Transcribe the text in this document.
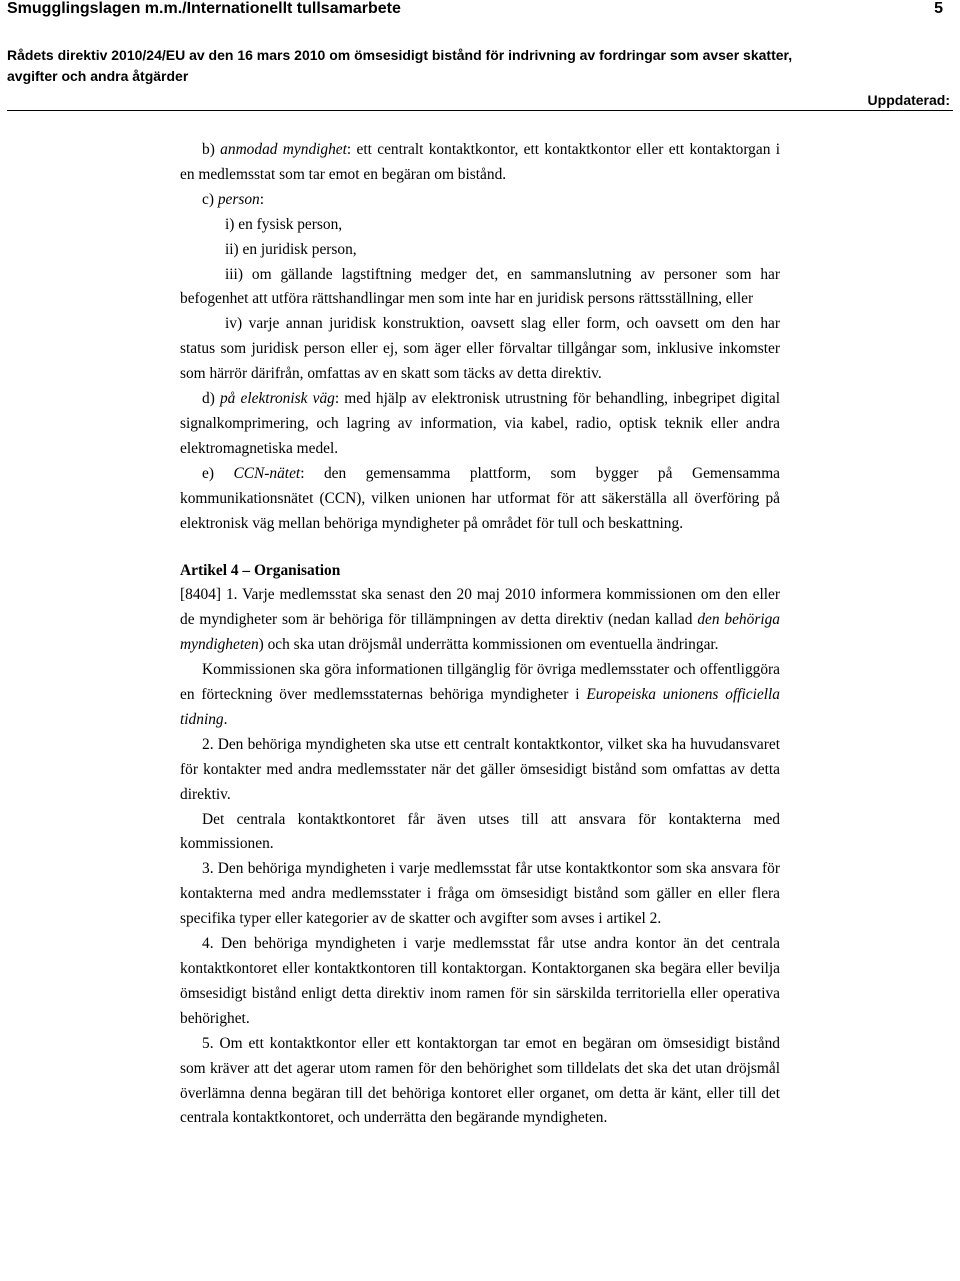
Smugglingslagen m.m./Internationellt tullsamarbete	5
Rådets direktiv 2010/24/EU av den 16 mars 2010 om ömsesidigt bistånd för indrivning av fordringar som avser skatter,
avgifter och andra åtgärder
Uppdaterad:

b) anmodad myndighet: ett centralt kontaktkontor, ett kontaktkontor eller ett kontaktorgan i en medlemsstat som tar emot en begäran om bistånd.

c) person:

i) en fysisk person,

ii) en juridisk person,

iii) om gällande lagstiftning medger det, en sammanslutning av personer som har befogenhet att utföra rättshandlingar men som inte har en juridisk persons rättsställning, eller

iv) varje annan juridisk konstruktion, oavsett slag eller form, och oavsett om den har status som juridisk person eller ej, som äger eller förvaltar tillgångar som, inklusive inkomster som härrör därifrån, omfattas av en skatt som täcks av detta direktiv.

d) på elektronisk väg: med hjälp av elektronisk utrustning för behandling, inbegripet digital signalkomprimering, och lagring av information, via kabel, radio, optisk teknik eller andra elektromagnetiska medel.

e) CCN-nätet: den gemensamma plattform, som bygger på Gemensamma kommunikationsnätet (CCN), vilken unionen har utformat för att säkerställa all överföring på elektronisk väg mellan behöriga myndigheter på området för tull och beskattning.

Artikel 4 – Organisation

[8404] 1. Varje medlemsstat ska senast den 20 maj 2010 informera kommissionen om den eller de myndigheter som är behöriga för tillämpningen av detta direktiv (nedan kallad den behöriga myndigheten) och ska utan dröjsmål underrätta kommissionen om eventuella ändringar.

Kommissionen ska göra informationen tillgänglig för övriga medlemsstater och offentliggöra en förteckning över medlemsstaternas behöriga myndigheter i Europeiska unionens officiella tidning.

2. Den behöriga myndigheten ska utse ett centralt kontaktkontor, vilket ska ha huvudansvaret för kontakter med andra medlemsstater när det gäller ömsesidigt bistånd som omfattas av detta direktiv.

Det centrala kontaktkontoret får även utses till att ansvara för kontakterna med kommissionen.

3. Den behöriga myndigheten i varje medlemsstat får utse kontaktkontor som ska ansvara för kontakterna med andra medlemsstater i fråga om ömsesidigt bistånd som gäller en eller flera specifika typer eller kategorier av de skatter och avgifter som avses i artikel 2.

4. Den behöriga myndigheten i varje medlemsstat får utse andra kontor än det centrala kontaktkontoret eller kontaktkontoren till kontaktorgan. Kontaktorganen ska begära eller bevilja ömsesidigt bistånd enligt detta direktiv inom ramen för sin särskilda territoriella eller operativa behörighet.

5. Om ett kontaktkontor eller ett kontaktorgan tar emot en begäran om ömsesidigt bistånd som kräver att det agerar utom ramen för den behörighet som tilldelats det ska det utan dröjsmål överlämna denna begäran till det behöriga kontoret eller organet, om detta är känt, eller till det centrala kontaktkontoret, och underrätta den begärande myndigheten.
